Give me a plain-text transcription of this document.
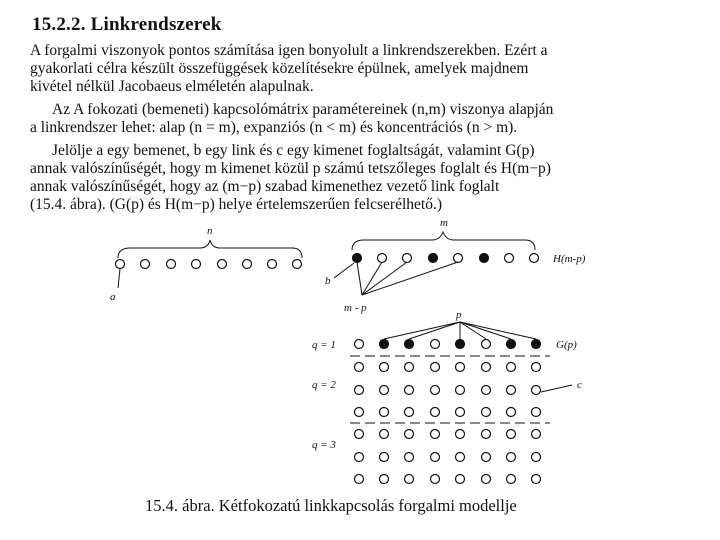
15.2.2. Linkrendszerek
A forgalmi viszonyok pontos számítása igen bonyolult a linkrendszerekben. Ezért a
gyakorlati célra készült összefüggések közelítésekre épülnek, amelyek majdnem
kivétel nélkül Jacobaeus elméletén alapulnak.
Az A fokozati (bemeneti) kapcsolómátrix paramétereinek (n,m) viszonya alapján
a linkrendszer lehet: alap (n = m), expanziós (n < m) és koncentrációs (n > m).
Jelölje a egy bemenet, b egy link és c egy kimenet foglaltságát, valamint G(p)
annak valószínűségét, hogy m kimenet közül p számú tetszőleges foglalt és H(m−p)
annak valószínűségét, hogy az (m−p) szabad kimenethez vezető link foglalt
(15.4. ábra). (G(p) és H(m−p) helye értelemszerűen felcserélhető.)
n
a
m
H(m-p)
b
m - p
p
q = 1
q = 2
q = 3
G(p)
c
15.4. ábra. Kétfokozatú linkkapcsolás forgalmi modellje
